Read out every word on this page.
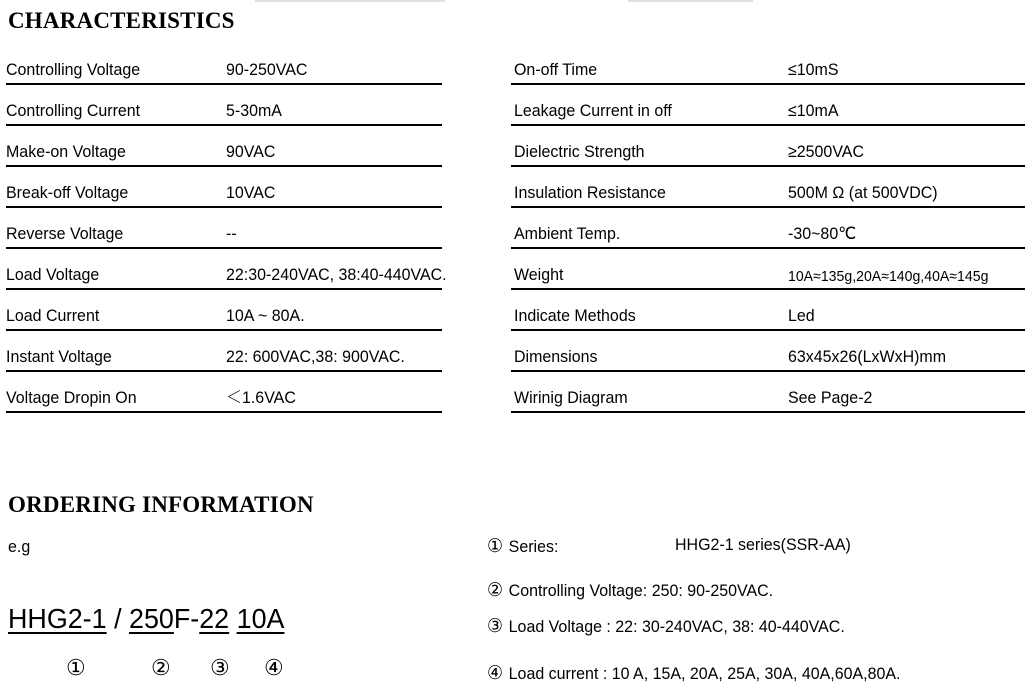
CHARACTERISTICS
Controlling Voltage	90-250VAC
Controlling Current	5-30mA
Make-on Voltage	90VAC
Break-off Voltage	10VAC
Reverse Voltage	--
Load Voltage	22:30-240VAC, 38:40-440VAC.
Load Current	10A ~ 80A.
Instant Voltage	22: 600VAC,38: 900VAC.
Voltage Dropin On	＜1.6VAC
On-off Time	≤10mS
Leakage Current in off	≤10mA
Dielectric Strength	≥2500VAC
Insulation Resistance	500M Ω (at 500VDC)
Ambient Temp.	-30~80℃
Weight	10A≈135g,20A≈140g,40A≈145g
Indicate Methods	Led
Dimensions	63x45x26(LxWxH)mm
Wirinig Diagram	See Page-2
ORDERING INFORMATION
e.g
HHG2-1 / 250F-22 10A
①	② ③ ④
① Series:	HHG2-1 series(SSR-AA)
② Controlling Voltage: 250: 90-250VAC.
③ Load Voltage : 22: 30-240VAC, 38: 40-440VAC.
④ Load current : 10 A, 15A, 20A, 25A, 30A, 40A,60A,80A.
